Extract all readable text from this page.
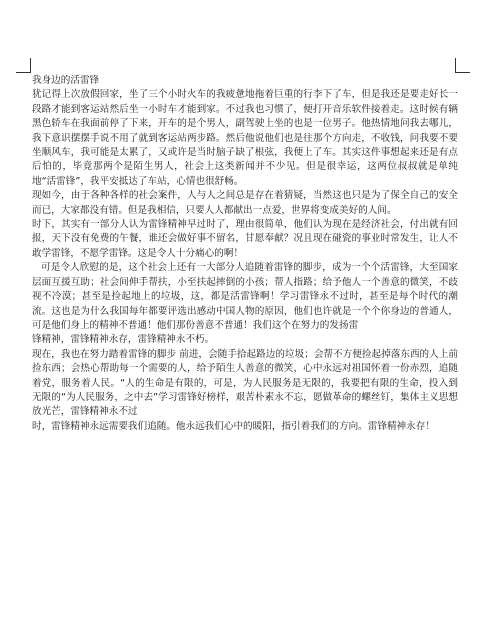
我身边的活雷锋

犹记得上次放假回家，坐了三个小时火车的我疲惫地拖着巨重的行李下了车，但是我还是要走好长一段路才能到客运站然后坐一小时车才能到家。不过我也习惯了，便打开音乐软件接着走。这时候有辆黑色轿车在我面前停了下来，开车的是个男人，副驾驶上坐的也是一位男子。他热情地问我去哪儿，我下意识摆摆手说不用了就到客运站两步路。然后他说他们也是往那个方向走，不收钱，问我要不要坐顺风车，我可能是太累了，又或许是当时脑子缺了根弦，我便上了车。其实这件事想起来还是有点后怕的，毕竟那两个是陌生男人，社会上这类新闻并不少见。但是很幸运，这两位叔叔就是单纯地“活雷锋”，我平安抵达了车站，心情也很舒畅。

现如今，由于各种各样的社会案件，人与人之间总是存在着猜疑，当然这也只是为了保全自己的安全而已，大家都没有错。但是我相信，只要人人都献出一点爱，世界将变成美好的人间。

时下，其实有一部分人认为雷锋精神早过时了，理由很简单，他们认为现在是经济社会，付出就有回报，天下没有免费的午餐，谁还会做好事不留名，甘愿奉献？况且现在碰瓷的事业时常发生，让人不敢学雷锋，不愿学雷锋。这是令人十分痛心的啊！

可是令人欣慰的是，这个社会上还有一大部分人追随着雷锋的脚步，成为一个个活雷锋，大至国家层面互援互助；社会间伸手帮扶，小至扶起摔倒的小孩；帮人指路；给予他人一个善意的微笑，不歧视不冷漠；甚至是捡起地上的垃圾，这，都是活雷锋啊！学习雷锋永不过时，甚至是每个时代的潮流。这也是为什么我国每年都要评选出感动中国人物的原因，他们也许就是一个个你身边的普通人，可是他们身上的精神不普通！他们那份善意不普通！我们这个在努力的发扬雷

锋精神，雷锋精神永存，雷锋精神永不朽。

现在，我也在努力踏着雷锋的脚步 前进，会随手拾起路边的垃圾；会帮不方便捡起掉落东西的人上前捡东西；会热心帮助每一个需要的人，给予陌生人善意的微笑，心中永远对祖国怀着一份赤烈，追随着党，服务着人民。“人的生命是有限的，可是，为人民服务是无限的，我要把有限的生命，投入到无限的“为人民服务，之中去”学习雷锋好榜样，艰苦朴素永不忘，愿做革命的螺丝钉，集体主义思想放光芒，雷锋精神永不过

时，雷锋精神永远需要我们追随。他永远我们心中的暖阳，指引着我们的方向。雷锋精神永存！
